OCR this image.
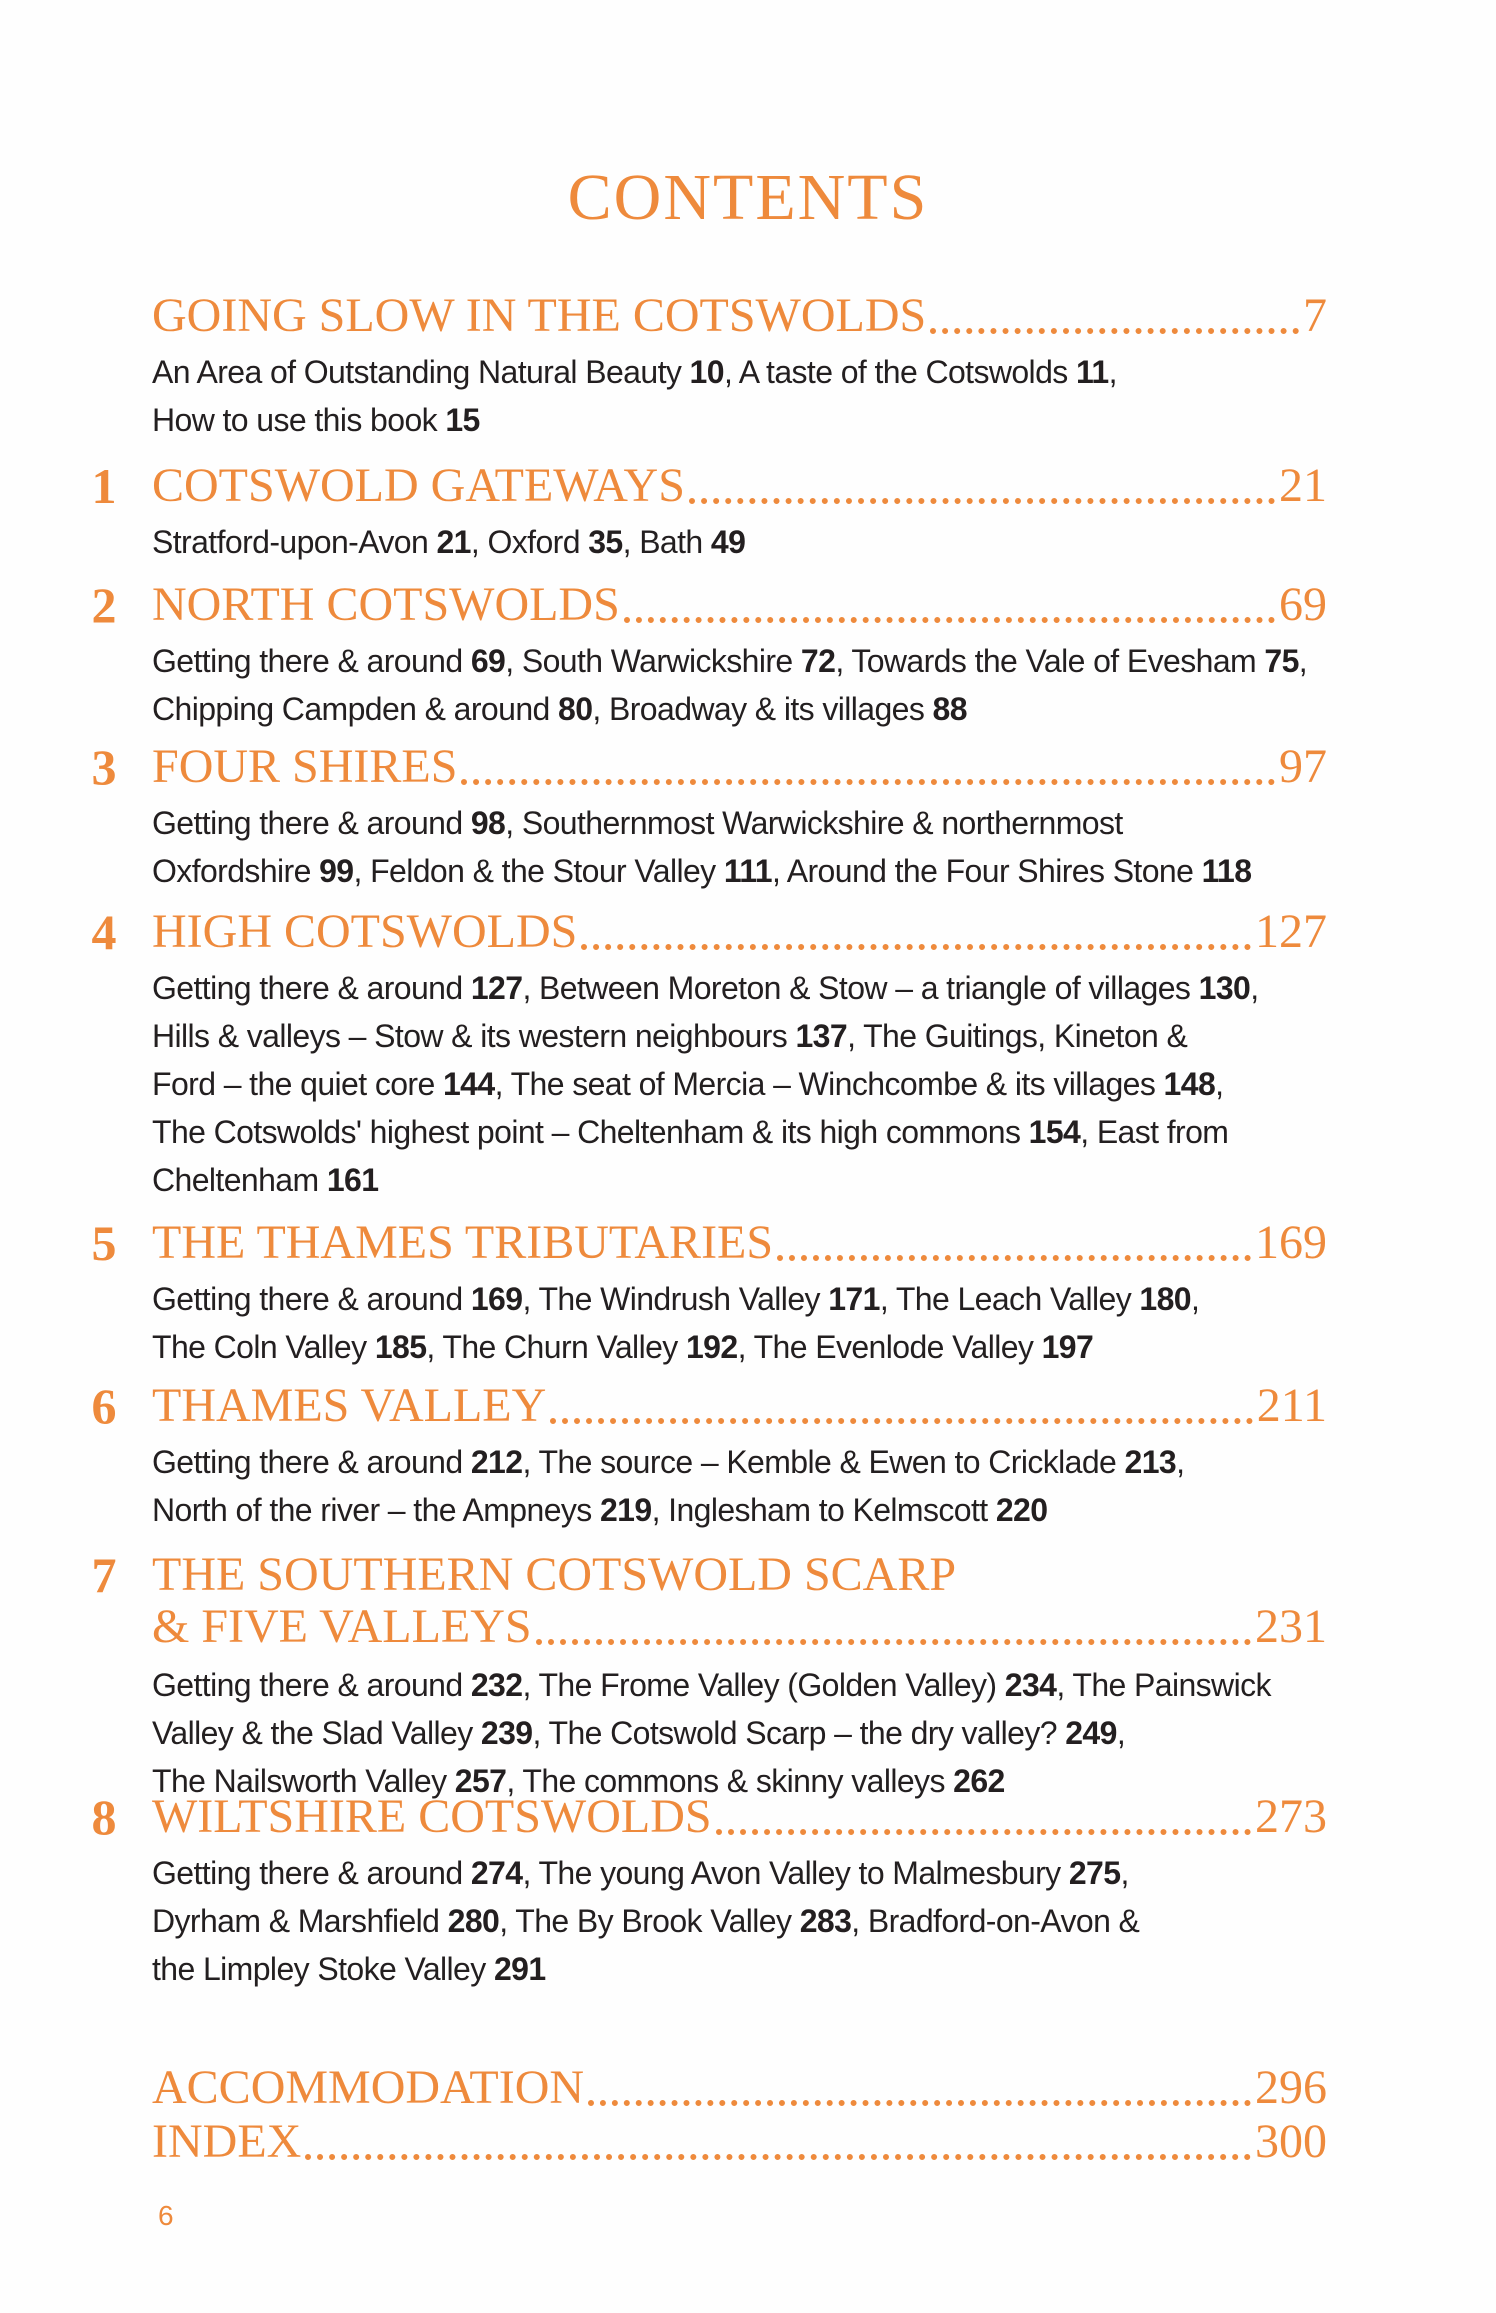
CONTENTS
GOING SLOW IN THE COTSWOLDS	7
An Area of Outstanding Natural Beauty 10, A taste of the Cotswolds 11,
How to use this book 15
1 COTSWOLD GATEWAYS	21
Stratford-upon-Avon 21, Oxford 35, Bath 49
2 NORTH COTSWOLDS	69
Getting there & around 69, South Warwickshire 72, Towards the Vale of Evesham 75,
Chipping Campden & around 80, Broadway & its villages 88
3 FOUR SHIRES	97
Getting there & around 98, Southernmost Warwickshire & northernmost
Oxfordshire 99, Feldon & the Stour Valley 111, Around the Four Shires Stone 118
4 HIGH COTSWOLDS	127
Getting there & around 127, Between Moreton & Stow – a triangle of villages 130,
Hills & valleys – Stow & its western neighbours 137, The Guitings, Kineton &
Ford – the quiet core 144, The seat of Mercia – Winchcombe & its villages 148,
The Cotswolds' highest point – Cheltenham & its high commons 154, East from
Cheltenham 161
5 THE THAMES TRIBUTARIES	169
Getting there & around 169, The Windrush Valley 171, The Leach Valley 180,
The Coln Valley 185, The Churn Valley 192, The Evenlode Valley 197
6 THAMES VALLEY	211
Getting there & around 212, The source – Kemble & Ewen to Cricklade 213,
North of the river – the Ampneys 219, Inglesham to Kelmscott 220
7 THE SOUTHERN COTSWOLD SCARP
& FIVE VALLEYS	231
Getting there & around 232, The Frome Valley (Golden Valley) 234, The Painswick
Valley & the Slad Valley 239, The Cotswold Scarp – the dry valley? 249,
The Nailsworth Valley 257, The commons & skinny valleys 262
8 WILTSHIRE COTSWOLDS	273
Getting there & around 274, The young Avon Valley to Malmesbury 275,
Dyrham & Marshfield 280, The By Brook Valley 283, Bradford-on-Avon &
the Limpley Stoke Valley 291
ACCOMMODATION	296
INDEX	300
6
